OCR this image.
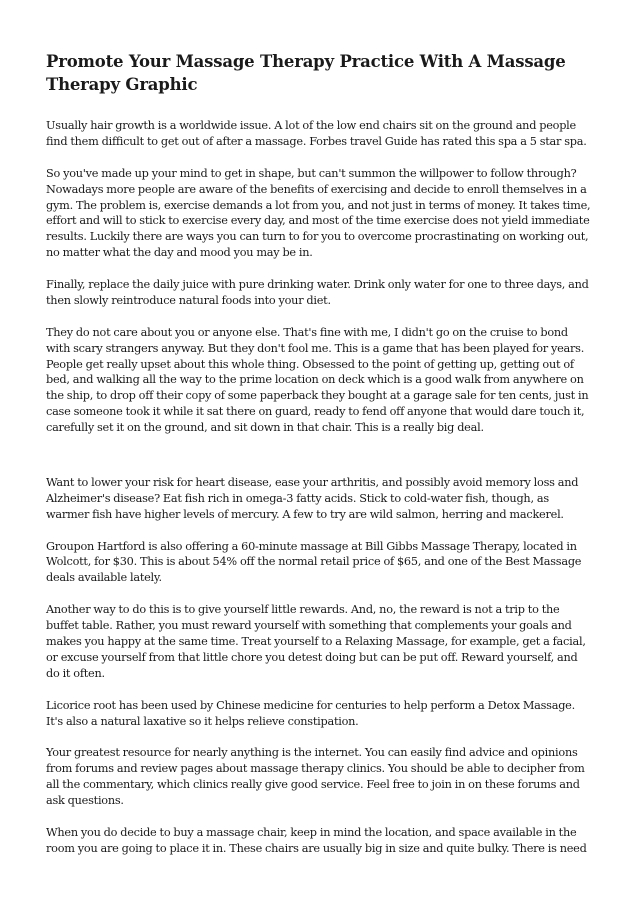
Promote Your Massage Therapy Practice With A Massage Therapy Graphic

Usually hair growth is a worldwide issue. A lot of the low end chairs sit on the ground and people find them difficult to get out of after a massage. Forbes travel Guide has rated this spa a 5 star spa.

So you've made up your mind to get in shape, but can't summon the willpower to follow through? Nowadays more people are aware of the benefits of exercising and decide to enroll themselves in a gym. The problem is, exercise demands a lot from you, and not just in terms of money. It takes time, effort and will to stick to exercise every day, and most of the time exercise does not yield immediate results. Luckily there are ways you can turn to for you to overcome procrastinating on working out, no matter what the day and mood you may be in.

Finally, replace the daily juice with pure drinking water. Drink only water for one to three days, and then slowly reintroduce natural foods into your diet.

They do not care about you or anyone else. That's fine with me, I didn't go on the cruise to bond with scary strangers anyway. But they don't fool me. This is a game that has been played for years. People get really upset about this whole thing. Obsessed to the point of getting up, getting out of bed, and walking all the way to the prime location on deck which is a good walk from anywhere on the ship, to drop off their copy of some paperback they bought at a garage sale for ten cents, just in case someone took it while it sat there on guard, ready to fend off anyone that would dare touch it, carefully set it on the ground, and sit down in that chair. This is a really big deal.

Want to lower your risk for heart disease, ease your arthritis, and possibly avoid memory loss and Alzheimer's disease? Eat fish rich in omega-3 fatty acids. Stick to cold-water fish, though, as warmer fish have higher levels of mercury. A few to try are wild salmon, herring and mackerel.

Groupon Hartford is also offering a 60-minute massage at Bill Gibbs Massage Therapy, located in Wolcott, for $30. This is about 54% off the normal retail price of $65, and one of the Best Massage deals available lately.

Another way to do this is to give yourself little rewards. And, no, the reward is not a trip to the buffet table. Rather, you must reward yourself with something that complements your goals and makes you happy at the same time. Treat yourself to a Relaxing Massage, for example, get a facial, or excuse yourself from that little chore you detest doing but can be put off. Reward yourself, and do it often.

Licorice root has been used by Chinese medicine for centuries to help perform a Detox Massage. It's also a natural laxative so it helps relieve constipation.

Your greatest resource for nearly anything is the internet. You can easily find advice and opinions from forums and review pages about massage therapy clinics. You should be able to decipher from all the commentary, which clinics really give good service. Feel free to join in on these forums and ask questions.

When you do decide to buy a massage chair, keep in mind the location, and space available in the room you are going to place it in. These chairs are usually big in size and quite bulky. There is need
